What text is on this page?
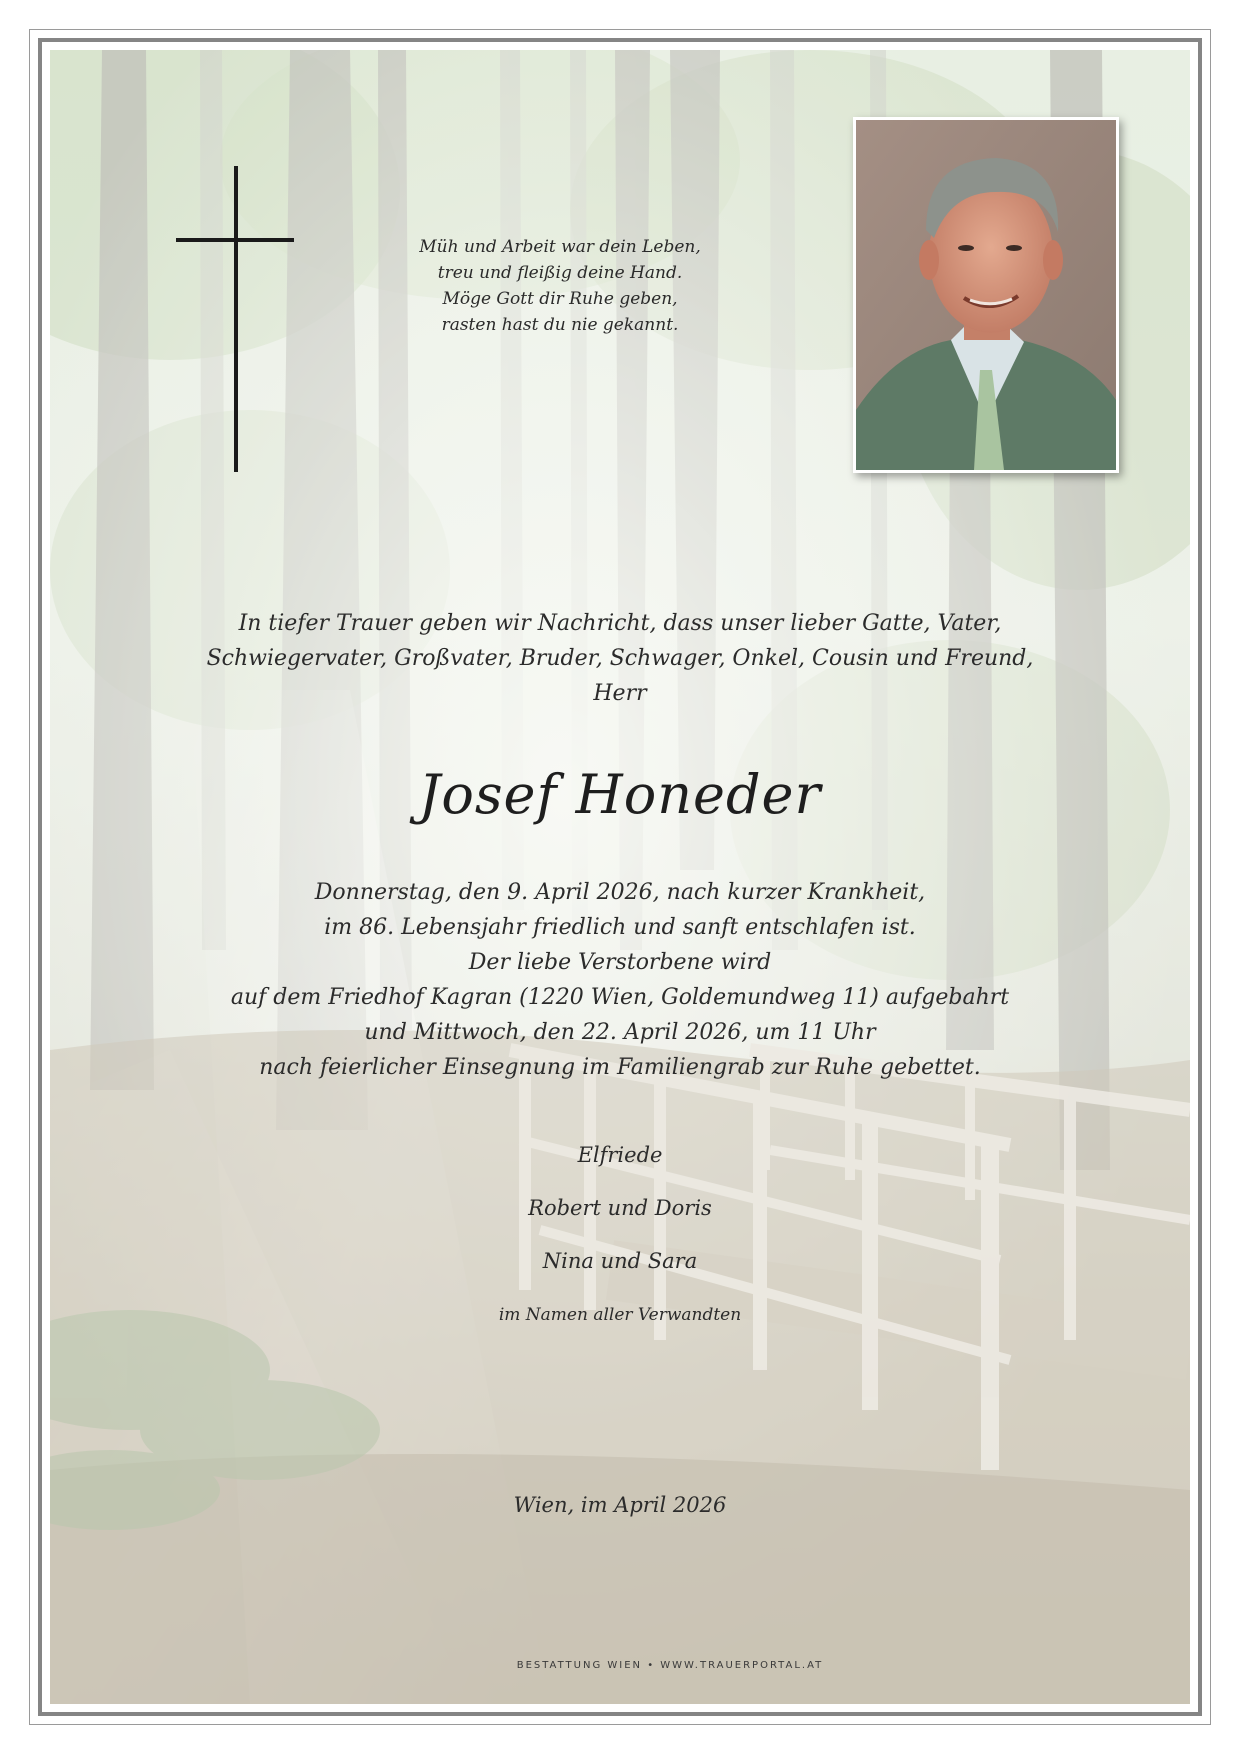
Müh und Arbeit war dein Leben,
treu und fleißig deine Hand.
Möge Gott dir Ruhe geben,
rasten hast du nie gekannt.
In tiefer Trauer geben wir Nachricht, dass unser lieber Gatte, Vater,
Schwiegervater, Großvater, Bruder, Schwager, Onkel, Cousin und Freund,
Herr
Josef Honeder
Donnerstag, den 9. April 2026, nach kurzer Krankheit,
im 86. Lebensjahr friedlich und sanft entschlafen ist.
Der liebe Verstorbene wird
auf dem Friedhof Kagran (1220 Wien, Goldemundweg 11) aufgebahrt
und Mittwoch, den 22. April 2026, um 11 Uhr
nach feierlicher Einsegnung im Familiengrab zur Ruhe gebettet.
Elfriede
Robert und Doris
Nina und Sara
im Namen aller Verwandten
Wien, im April 2026
BESTATTUNG WIEN • WWW.TRAUERPORTAL.AT
